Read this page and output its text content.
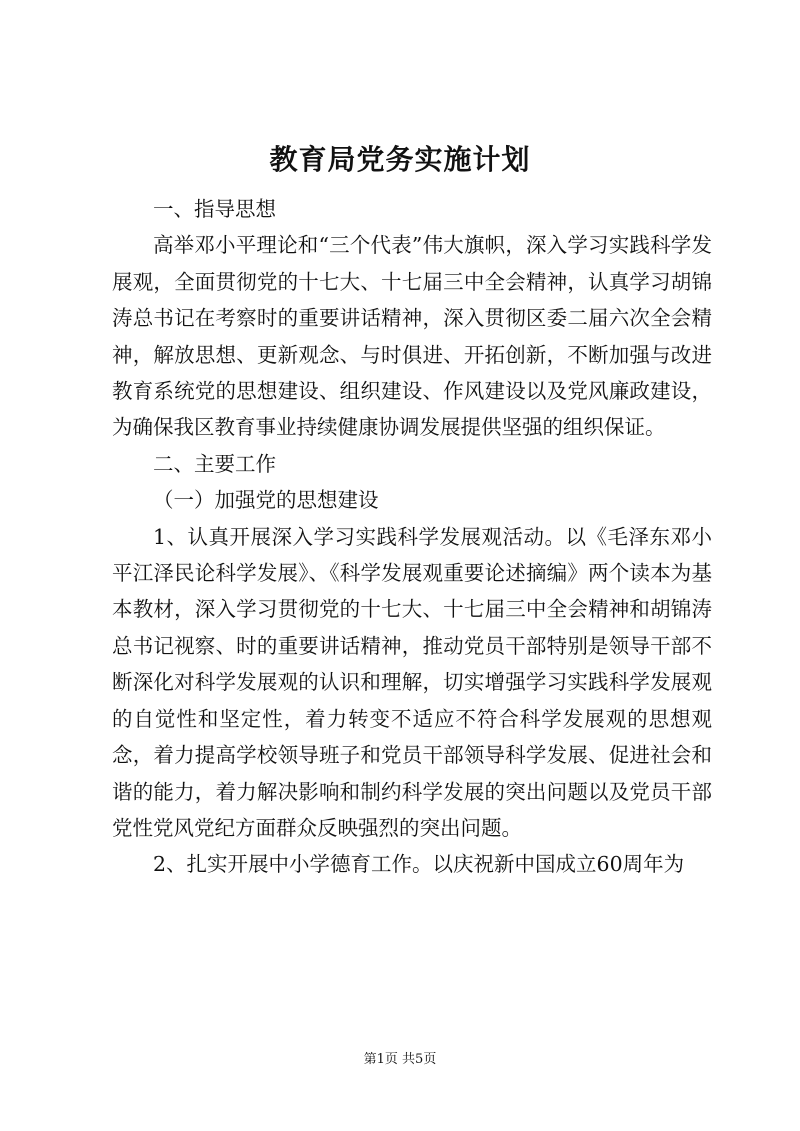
教育局党务实施计划

一、指导思想

高举邓小平理论和“三个代表”伟大旗帜，深入学习实践科学发展观，全面贯彻党的十七大、十七届三中全会精神，认真学习胡锦涛总书记在考察时的重要讲话精神，深入贯彻区委二届六次全会精神，解放思想、更新观念、与时俱进、开拓创新，不断加强与改进教育系统党的思想建设、组织建设、作风建设以及党风廉政建设，为确保我区教育事业持续健康协调发展提供坚强的组织保证。

二、主要工作

（一）加强党的思想建设

1、认真开展深入学习实践科学发展观活动。以《毛泽东邓小平江泽民论科学发展》、《科学发展观重要论述摘编》两个读本为基本教材，深入学习贯彻党的十七大、十七届三中全会精神和胡锦涛总书记视察、时的重要讲话精神，推动党员干部特别是领导干部不断深化对科学发展观的认识和理解，切实增强学习实践科学发展观的自觉性和坚定性，着力转变不适应不符合科学发展观的思想观念，着力提高学校领导班子和党员干部领导科学发展、促进社会和谐的能力，着力解决影响和制约科学发展的突出问题以及党员干部党性党风党纪方面群众反映强烈的突出问题。

2、扎实开展中小学德育工作。以庆祝新中国成立60周年为

第1页 共5页
